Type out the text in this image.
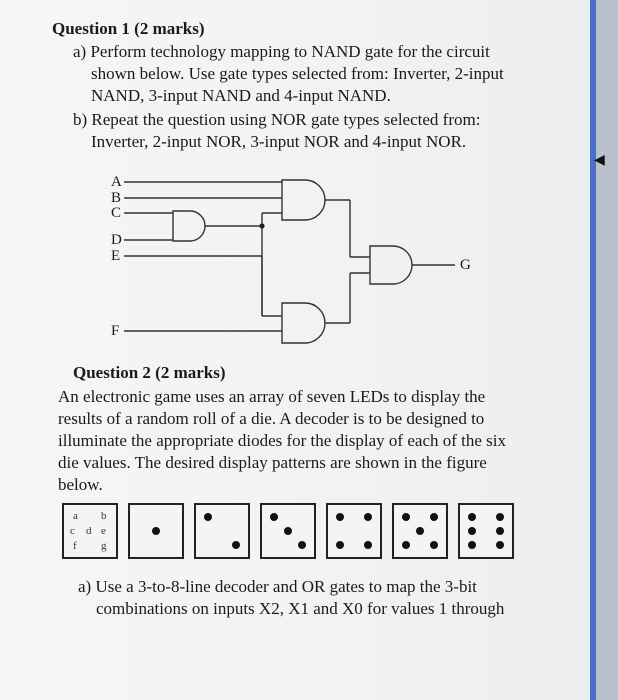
Question 1 (2 marks)
a) Perform technology mapping to NAND gate for the circuit
shown below. Use gate types selected from: Inverter, 2-input
NAND, 3-input NAND and 4-input NAND.
b) Repeat the question using NOR gate types selected from:
Inverter, 2-input NOR, 3-input NOR and 4-input NOR.
A
B
C
D
E
F
G
Question 2 (2 marks)
An electronic game uses an array of seven LEDs to display the
results of a random roll of a die. A decoder is to be designed to
illuminate the appropriate diodes for the display of each of the six
die values. The desired display patterns are shown in the figure
below.
a b
c d e
f g
a) Use a 3-to-8-line decoder and OR gates to map the 3-bit
combinations on inputs X2, X1 and X0 for values 1 through
◀
